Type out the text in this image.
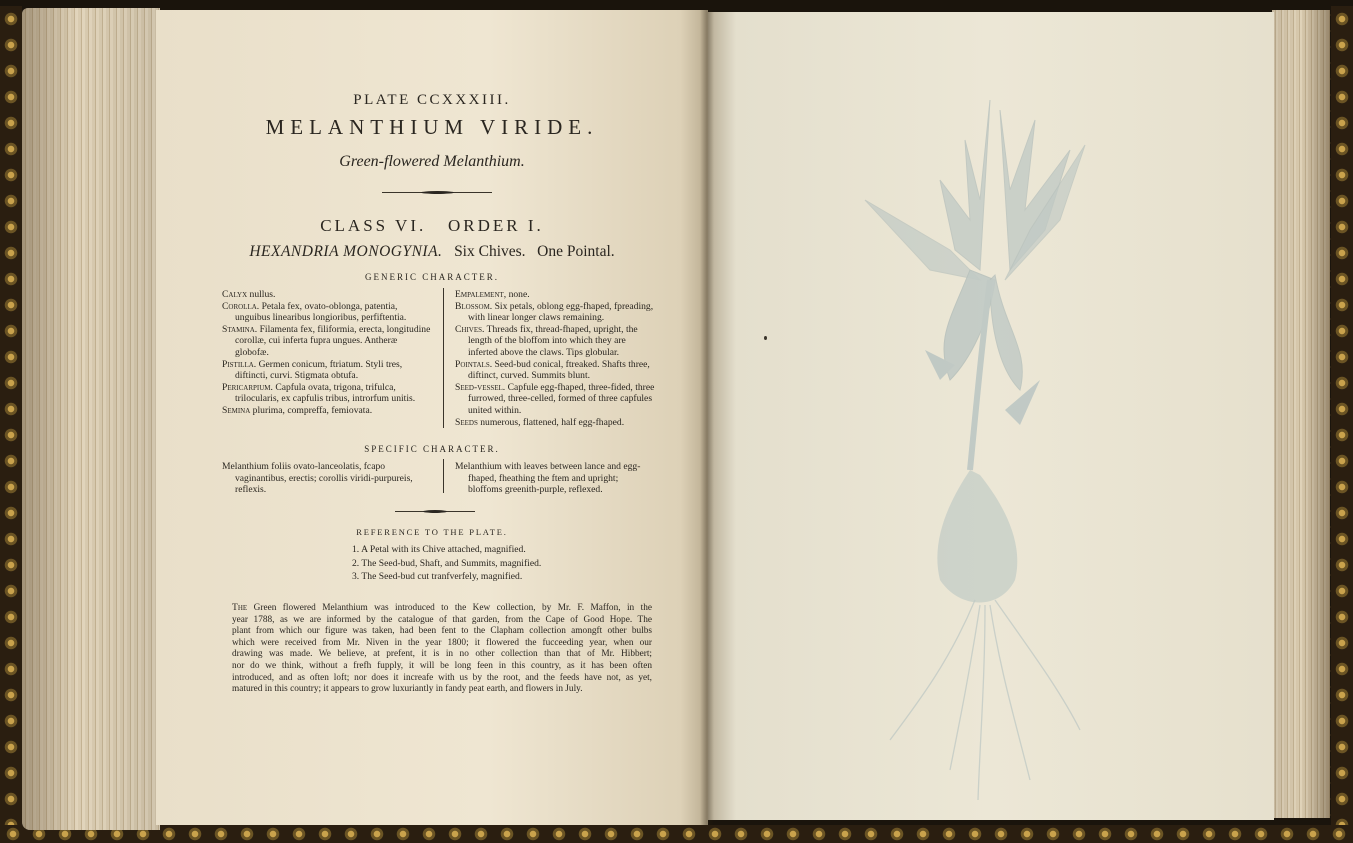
PLATE CCXXXIII.
MELANTHIUM VIRIDE.
Green-flowered Melanthium.
CLASS VI.   ORDER I.
HEXANDRIA MONOGYNIA. Six Chives.   One Pointal.
GENERIC CHARACTER.

Calyx nullus.

Corolla. Petala fex, ovato-oblonga, patentia, unguibus linearibus longioribus, perfiftentia.

Stamina. Filamenta fex, filiformia, erecta, longitudine corollæ, cui inferta fupra ungues. Antheræ globofæ.

Pistilla. Germen conicum, ftriatum. Styli tres, diftincti, curvi. Stigmata obtufa.

Pericarpium. Capfula ovata, trigona, trifulca, trilocularis, ex capfulis tribus, introrfum unitis.

Semina plurima, compreffa, femiovata.

Empalement, none.

Blossom. Six petals, oblong egg-fhaped, fpreading, with linear longer claws remaining.

Chives. Threads fix, thread-fhaped, upright, the length of the bloffom into which they are inferted above the claws. Tips globular.

Pointals. Seed-bud conical, ftreaked. Shafts three, diftinct, curved. Summits blunt.

Seed-vessel. Capfule egg-fhaped, three-fided, three furrowed, three-celled, formed of three capfules united within.

Seeds numerous, flattened, half egg-fhaped.

SPECIFIC CHARACTER.

Melanthium foliis ovato-lanceolatis, fcapo vaginantibus, erectis; corollis viridi-purpureis, reflexis.

Melanthium with leaves between lance and egg-fhaped, fheathing the ftem and upright; bloffoms greenith-purple, reflexed.

REFERENCE TO THE PLATE.
1. A Petal with its Chive attached, magnified.
2. The Seed-bud, Shaft, and Summits, magnified.
3. The Seed-bud cut tranfverfely, magnified.
The Green flowered Melanthium was introduced to the Kew collection, by Mr. F. Maffon, in the
year 1788, as we are informed by the catalogue of that garden, from the Cape of Good Hope. The
plant from which our figure was taken, had been fent to the Clapham collection amongft other bulbs
which were received from Mr. Niven in the year 1800; it flowered the fucceeding year, when our
drawing was made. We believe, at prefent, it is in no other collection than that of Mr. Hibbert;
nor do we think, without a frefh fupply, it will be long feen in this country, as it has been often
introduced, and as often loft; nor does it increafe with us by the root, and the feeds have not, as yet,
matured in this country; it appears to grow luxuriantly in fandy peat earth, and flowers in July.
